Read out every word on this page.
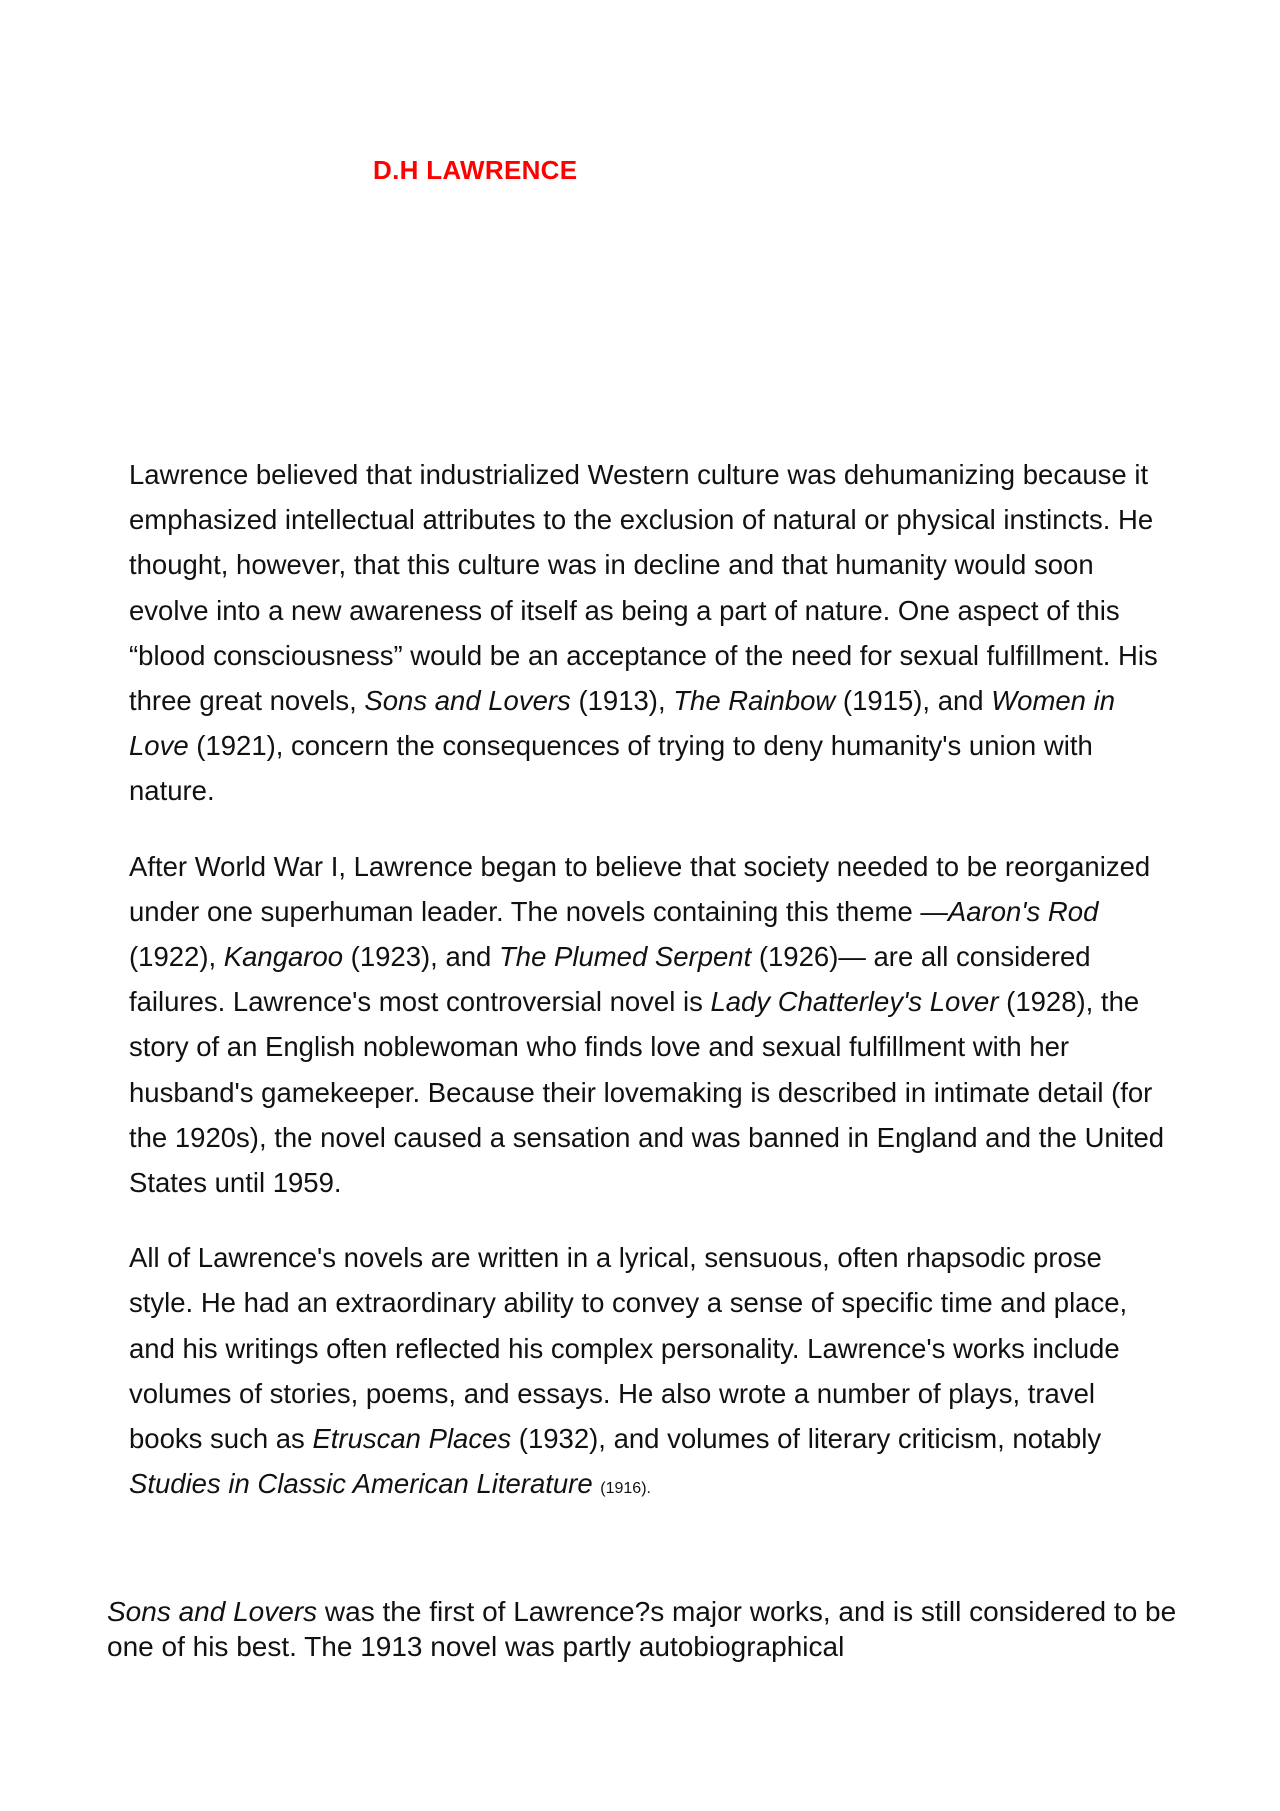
D.H LAWRENCE

Lawrence believed that industrialized Western culture was dehumanizing because it emphasized intellectual attributes to the exclusion of natural or physical instincts. He thought, however, that this culture was in decline and that humanity would soon evolve into a new awareness of itself as being a part of nature. One aspect of this “blood consciousness” would be an acceptance of the need for sexual fulfillment. His three great novels, Sons and Lovers (1913), The Rainbow (1915), and Women in Love (1921), concern the consequences of trying to deny humanity's union with nature.

After World War I, Lawrence began to believe that society needed to be reorganized under one superhuman leader. The novels containing this theme —Aaron's Rod (1922), Kangaroo (1923), and The Plumed Serpent (1926)— are all considered failures. Lawrence's most controversial novel is Lady Chatterley's Lover (1928), the story of an English noblewoman who finds love and sexual fulfillment with her husband's gamekeeper. Because their lovemaking is described in intimate detail (for the 1920s), the novel caused a sensation and was banned in England and the United States until 1959.

All of Lawrence's novels are written in a lyrical, sensuous, often rhapsodic prose style. He had an extraordinary ability to convey a sense of specific time and place, and his writings often reflected his complex personality. Lawrence's works include volumes of stories, poems, and essays. He also wrote a number of plays, travel books such as Etruscan Places (1932), and volumes of literary criticism, notably Studies in Classic American Literature (1916).

Sons and Lovers was the first of Lawrence?s major works, and is still considered to be one of his best. The 1913 novel was partly autobiographical
